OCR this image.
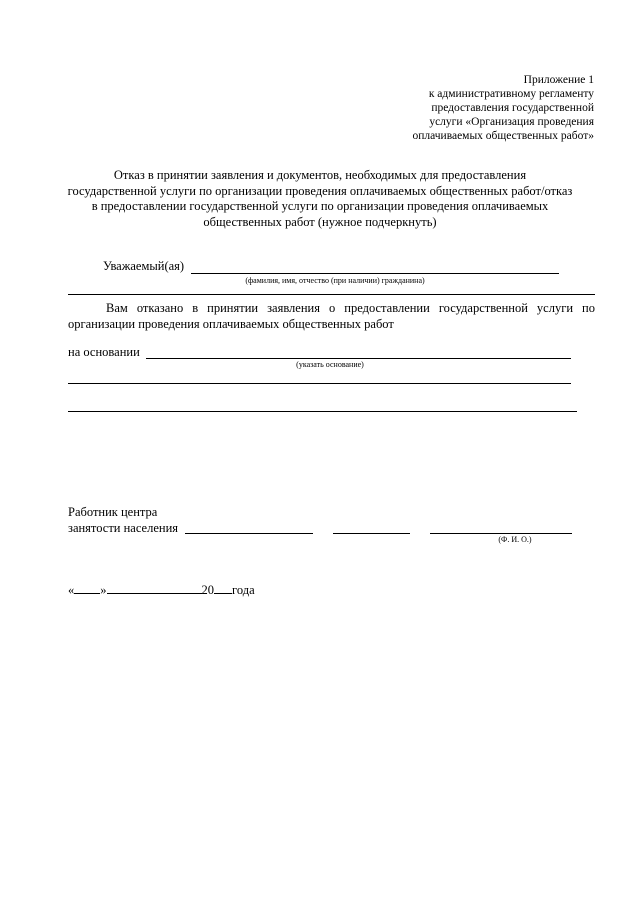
Приложение 1
к административному регламенту
предоставления государственной
услуги «Организация проведения
оплачиваемых общественных работ»
Отказ в принятии заявления и документов, необходимых для предоставления
государственной услуги по организации проведения оплачиваемых общественных работ/отказ
в предоставлении государственной услуги по организации проведения оплачиваемых
общественных работ (нужное подчеркнуть)
Уважаемый(ая)
(фамилия, имя, отчество (при наличии) гражданина)
Вам отказано в принятии заявления о предоставлении государственной услуги по организации проведения оплачиваемых общественных работ
на основании
(указать основание)
Работник центра
занятости населения
(Ф. И. О.)
« »	20 года
